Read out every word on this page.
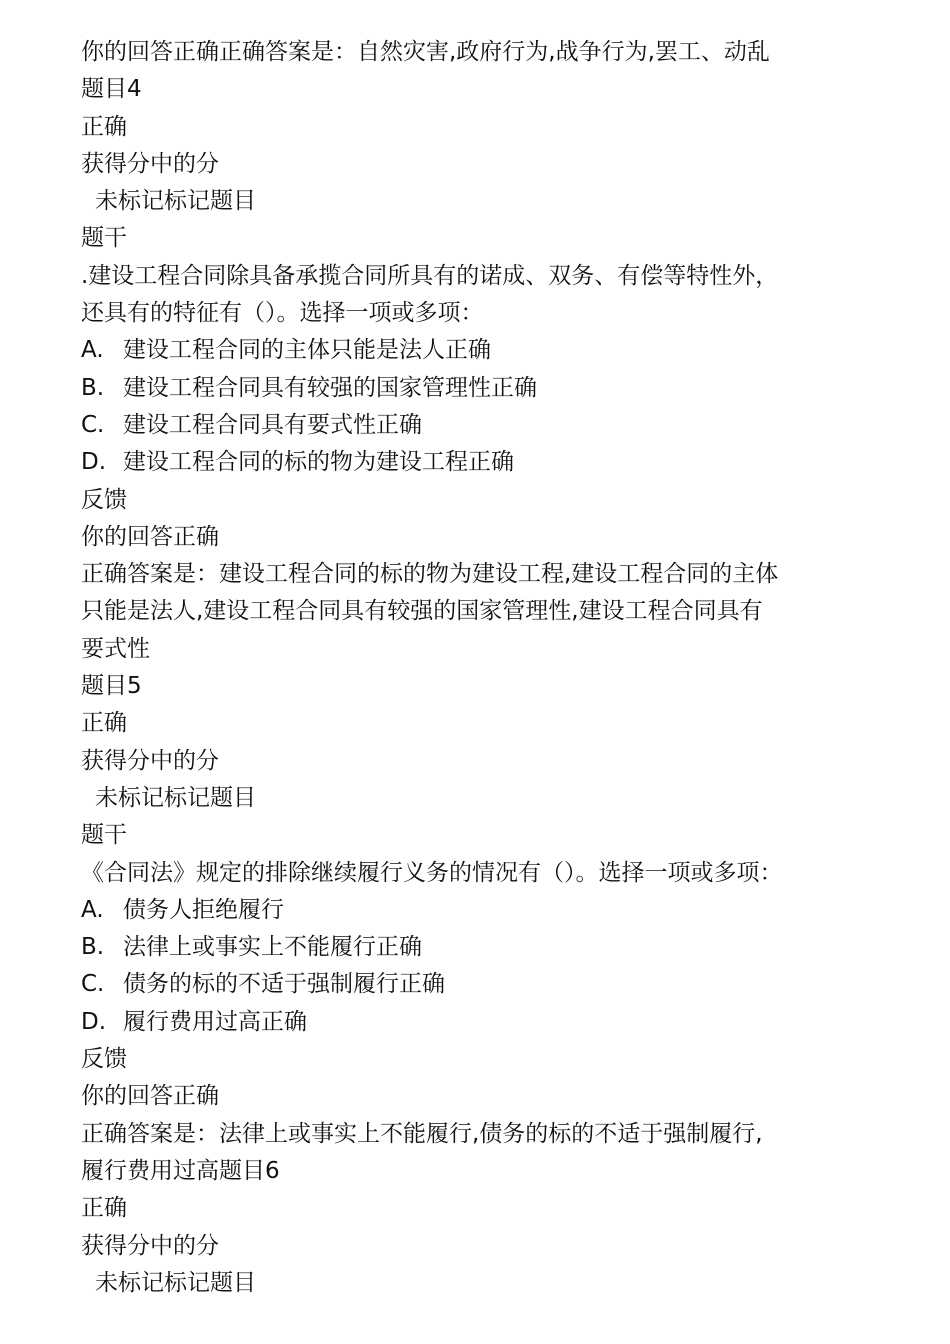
你的回答正确正确答案是：自然灾害,政府行为,战争行为,罢工、动乱
题目4
正确
获得分中的分
未标记标记题目
题干
.建设工程合同除具备承揽合同所具有的诺成、双务、有偿等特性外，
还具有的特征有（）。选择一项或多项：
A. 建设工程合同的主体只能是法人正确
B. 建设工程合同具有较强的国家管理性正确
C. 建设工程合同具有要式性正确
D. 建设工程合同的标的物为建设工程正确
反馈
你的回答正确
正确答案是：建设工程合同的标的物为建设工程,建设工程合同的主体
只能是法人,建设工程合同具有较强的国家管理性,建设工程合同具有
要式性
题目5
正确
获得分中的分
未标记标记题目
题干
《合同法》规定的排除继续履行义务的情况有（）。选择一项或多项：
A. 债务人拒绝履行
B. 法律上或事实上不能履行正确
C. 债务的标的不适于强制履行正确
D. 履行费用过高正确
反馈
你的回答正确
正确答案是：法律上或事实上不能履行,债务的标的不适于强制履行,
履行费用过高题目6
正确
获得分中的分
未标记标记题目
